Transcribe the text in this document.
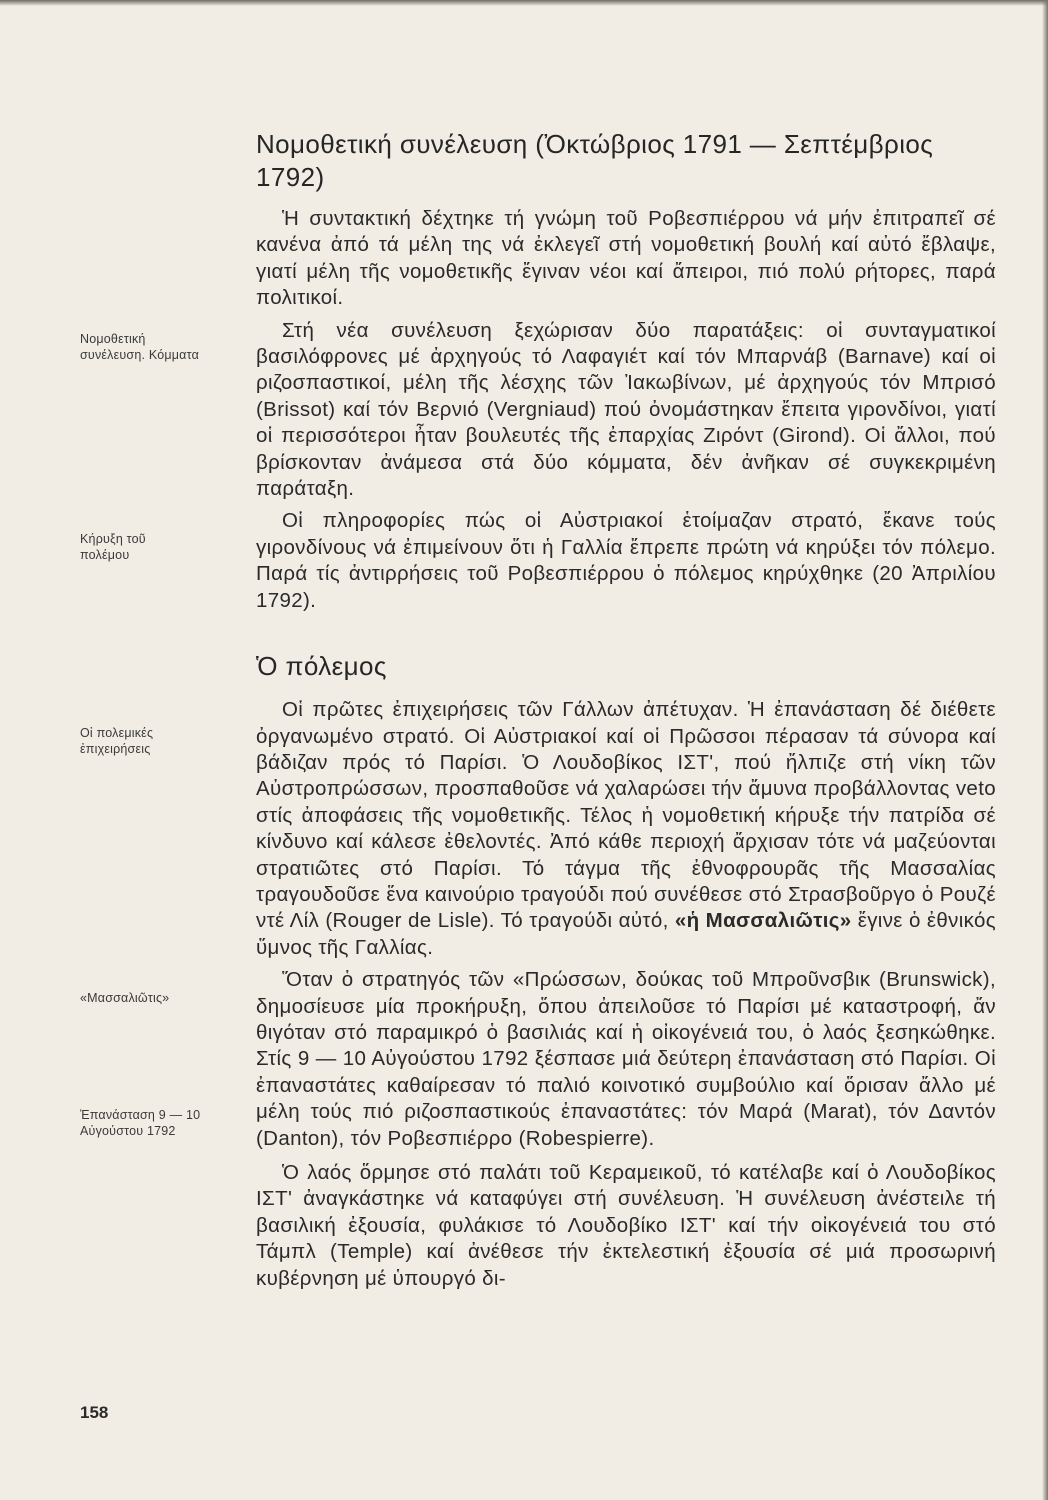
Νομοθετική
συνέλευση. Κόμματα
Κήρυξη τοῦ
πολέμου
Οἱ πολεμικές
ἐπιχειρήσεις
«Μασσαλιῶτις»
Ἐπανάσταση 9 — 10
Αὐγούστου 1792
Νομοθετική συνέλευση (Ὀκτώβριος 1791 — Σεπτέμβριος 1792)

Ἡ συντακτική δέχτηκε τή γνώμη τοῦ Ροβεσπιέρρου νά μήν ἐπιτραπεῖ σέ κανένα ἀπό τά μέλη της νά ἐκλεγεῖ στή νομοθετική βουλή καί αὐτό ἔβλαψε, γιατί μέλη τῆς νομοθετικῆς ἔγιναν νέοι καί ἄπειροι, πιό πολύ ρήτορες, παρά πολιτικοί.

Στή νέα συνέλευση ξεχώρισαν δύο παρατάξεις: οἱ συνταγματικοί βασιλόφρονες μέ ἀρχηγούς τό Λαφαγιέτ καί τόν Μπαρνάβ (Barnave) καί οἱ ριζοσπαστικοί, μέλη τῆς λέσχης τῶν Ἰακωβίνων, μέ ἀρχηγούς τόν Μπρισό (Brissot) καί τόν Βερνιό (Vergniaud) πού ὀνομάστηκαν ἔπειτα γιρονδίνοι, γιατί οἱ περισσότεροι ἦταν βουλευτές τῆς ἐπαρχίας Ζιρόντ (Girond). Οἱ ἄλλοι, πού βρίσκονταν ἀνάμεσα στά δύο κόμματα, δέν ἀνῆκαν σέ συγκεκριμένη παράταξη.

Οἱ πληροφορίες πώς οἱ Αὐστριακοί ἑτοίμαζαν στρατό, ἔκανε τούς γιρονδίνους νά ἐπιμείνουν ὅτι ἡ Γαλλία ἔπρεπε πρώτη νά κηρύξει τόν πόλεμο. Παρά τίς ἀντιρρήσεις τοῦ Ροβεσπιέρρου ὁ πόλεμος κηρύχθηκε (20 Ἀπριλίου 1792).

Ὁ πόλεμος

Οἱ πρῶτες ἐπιχειρήσεις τῶν Γάλλων ἀπέτυχαν. Ἡ ἐπανάσταση δέ διέθετε ὀργανωμένο στρατό. Οἱ Αὐστριακοί καί οἱ Πρῶσσοι πέρασαν τά σύνορα καί βάδιζαν πρός τό Παρίσι. Ὁ Λουδοβίκος ΙΣΤ', πού ἤλπιζε στή νίκη τῶν Αὐστροπρώσσων, προσπαθοῦσε νά χαλαρώσει τήν ἄμυνα προβάλλοντας veto στίς ἀποφάσεις τῆς νομοθετικῆς. Τέλος ἡ νομοθετική κήρυξε τήν πατρίδα σέ κίνδυνο καί κάλεσε ἐθελοντές. Ἀπό κάθε περιοχή ἄρχισαν τότε νά μαζεύονται στρατιῶτες στό Παρίσι. Τό τάγμα τῆς ἐθνοφρουρᾶς τῆς Μασσαλίας τραγουδοῦσε ἕνα καινούριο τραγούδι πού συνέθεσε στό Στρασβοῦργο ὁ Ρουζέ ντέ Λίλ (Rouger de Lisle). Τό τραγούδι αὐτό, «ἡ Μασσαλιῶτις» ἔγινε ὁ ἐθνικός ὕμνος τῆς Γαλλίας.

Ὅταν ὁ στρατηγός τῶν «Πρώσσων, δούκας τοῦ Μπροῦνσβικ (Brunswick), δημοσίευσε μία προκήρυξη, ὅπου ἀπειλοῦσε τό Παρίσι μέ καταστροφή, ἄν θιγόταν στό παραμικρό ὁ βασιλιάς καί ἡ οἰκογένειά του, ὁ λαός ξεσηκώθηκε. Στίς 9 — 10 Αὐγούστου 1792 ξέσπασε μιά δεύτερη ἐπανάσταση στό Παρίσι. Οἱ ἐπαναστάτες καθαίρεσαν τό παλιό κοινοτικό συμβούλιο καί ὅρισαν ἄλλο μέ μέλη τούς πιό ριζοσπαστικούς ἐπαναστάτες: τόν Μαρά (Marat), τόν Δαντόν (Danton), τόν Ροβεσπιέρρο (Robespierre).

Ὁ λαός ὅρμησε στό παλάτι τοῦ Κεραμεικοῦ, τό κατέλαβε καί ὁ Λουδοβίκος ΙΣΤ' ἀναγκάστηκε νά καταφύγει στή συνέλευση. Ἡ συνέλευση ἀνέστειλε τή βασιλική ἐξουσία, φυλάκισε τό Λουδοβίκο ΙΣΤ' καί τήν οἰκογένειά του στό Τάμπλ (Temple) καί ἀνέθεσε τήν ἐκτελεστική ἐξουσία σέ μιά προσωρινή κυβέρνηση μέ ὑπουργό δι-

158
